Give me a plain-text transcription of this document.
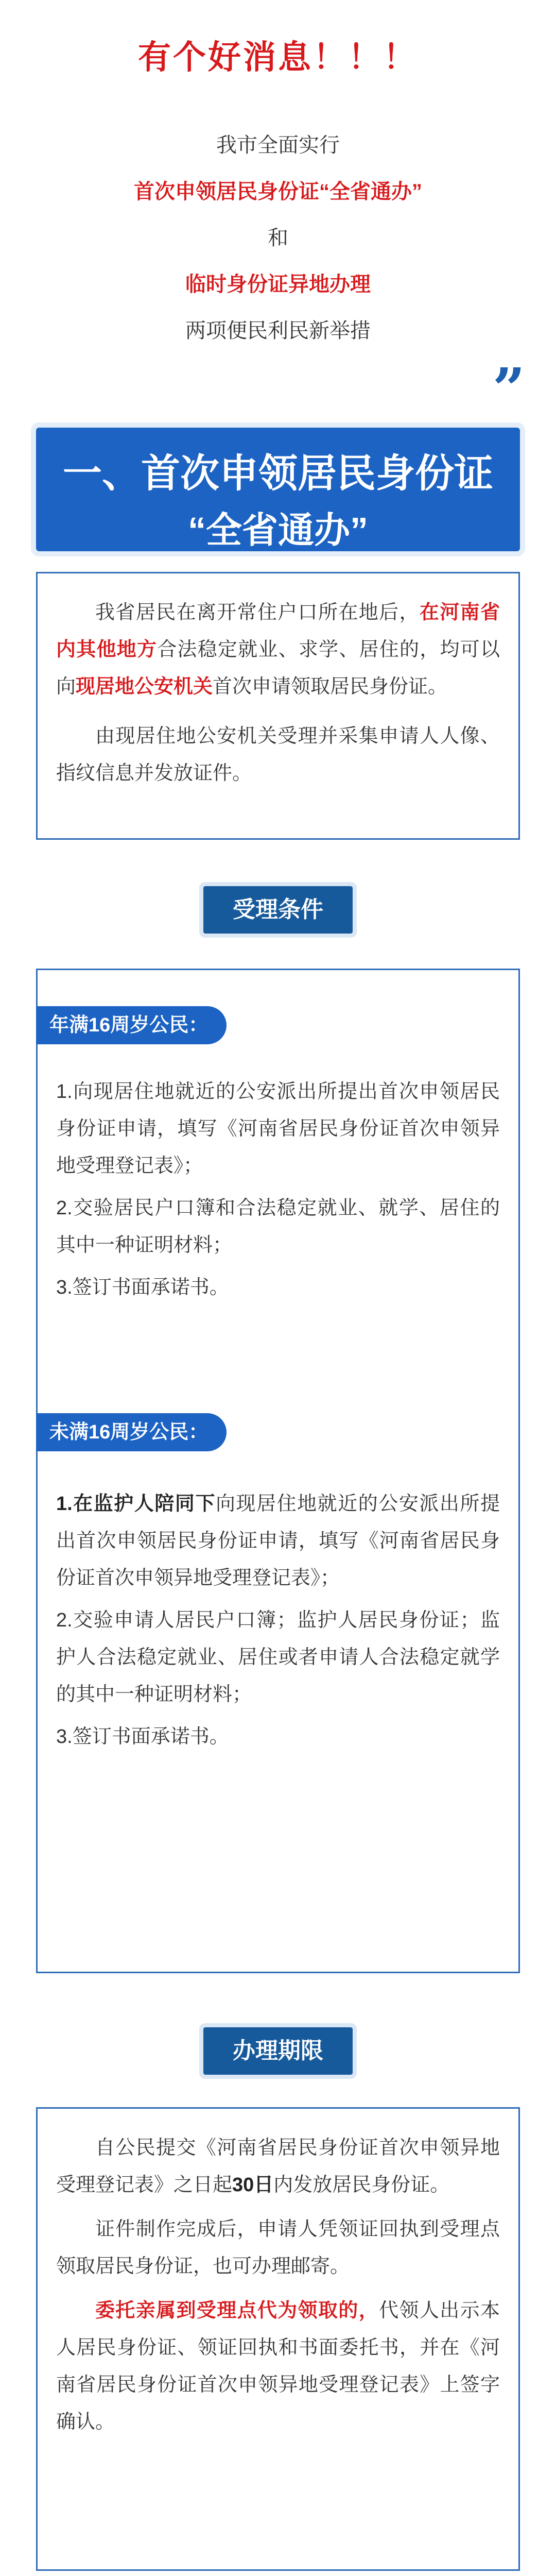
有个好消息！！！
我市全面实行
首次申领居民身份证“全省通办”
和
临时身份证异地办理
两项便民利民新举措
”
一、首次申领居民身份证
“全省通办”

我省居民在离开常住户口所在地后，在河南省内其他地方合法稳定就业、求学、居住的，均可以向现居地公安机关首次申请领取居民身份证。

由现居住地公安机关受理并采集申请人人像、指纹信息并发放证件。

受理条件
年满16周岁公民：

1.向现居住地就近的公安派出所提出首次申领居民身份证申请，填写《河南省居民身份证首次申领异地受理登记表》；

2.交验居民户口簿和合法稳定就业、就学、居住的其中一种证明材料；

3.签订书面承诺书。

未满16周岁公民：

1.在监护人陪同下向现居住地就近的公安派出所提出首次申领居民身份证申请，填写《河南省居民身份证首次申领异地受理登记表》；

2.交验申请人居民户口簿；监护人居民身份证；监护人合法稳定就业、居住或者申请人合法稳定就学的其中一种证明材料；

3.签订书面承诺书。

办理期限

自公民提交《河南省居民身份证首次申领异地受理登记表》之日起30日内发放居民身份证。

证件制作完成后，申请人凭领证回执到受理点领取居民身份证，也可办理邮寄。

委托亲属到受理点代为领取的，代领人出示本人居民身份证、领证回执和书面委托书，并在《河南省居民身份证首次申领异地受理登记表》上签字确认。
